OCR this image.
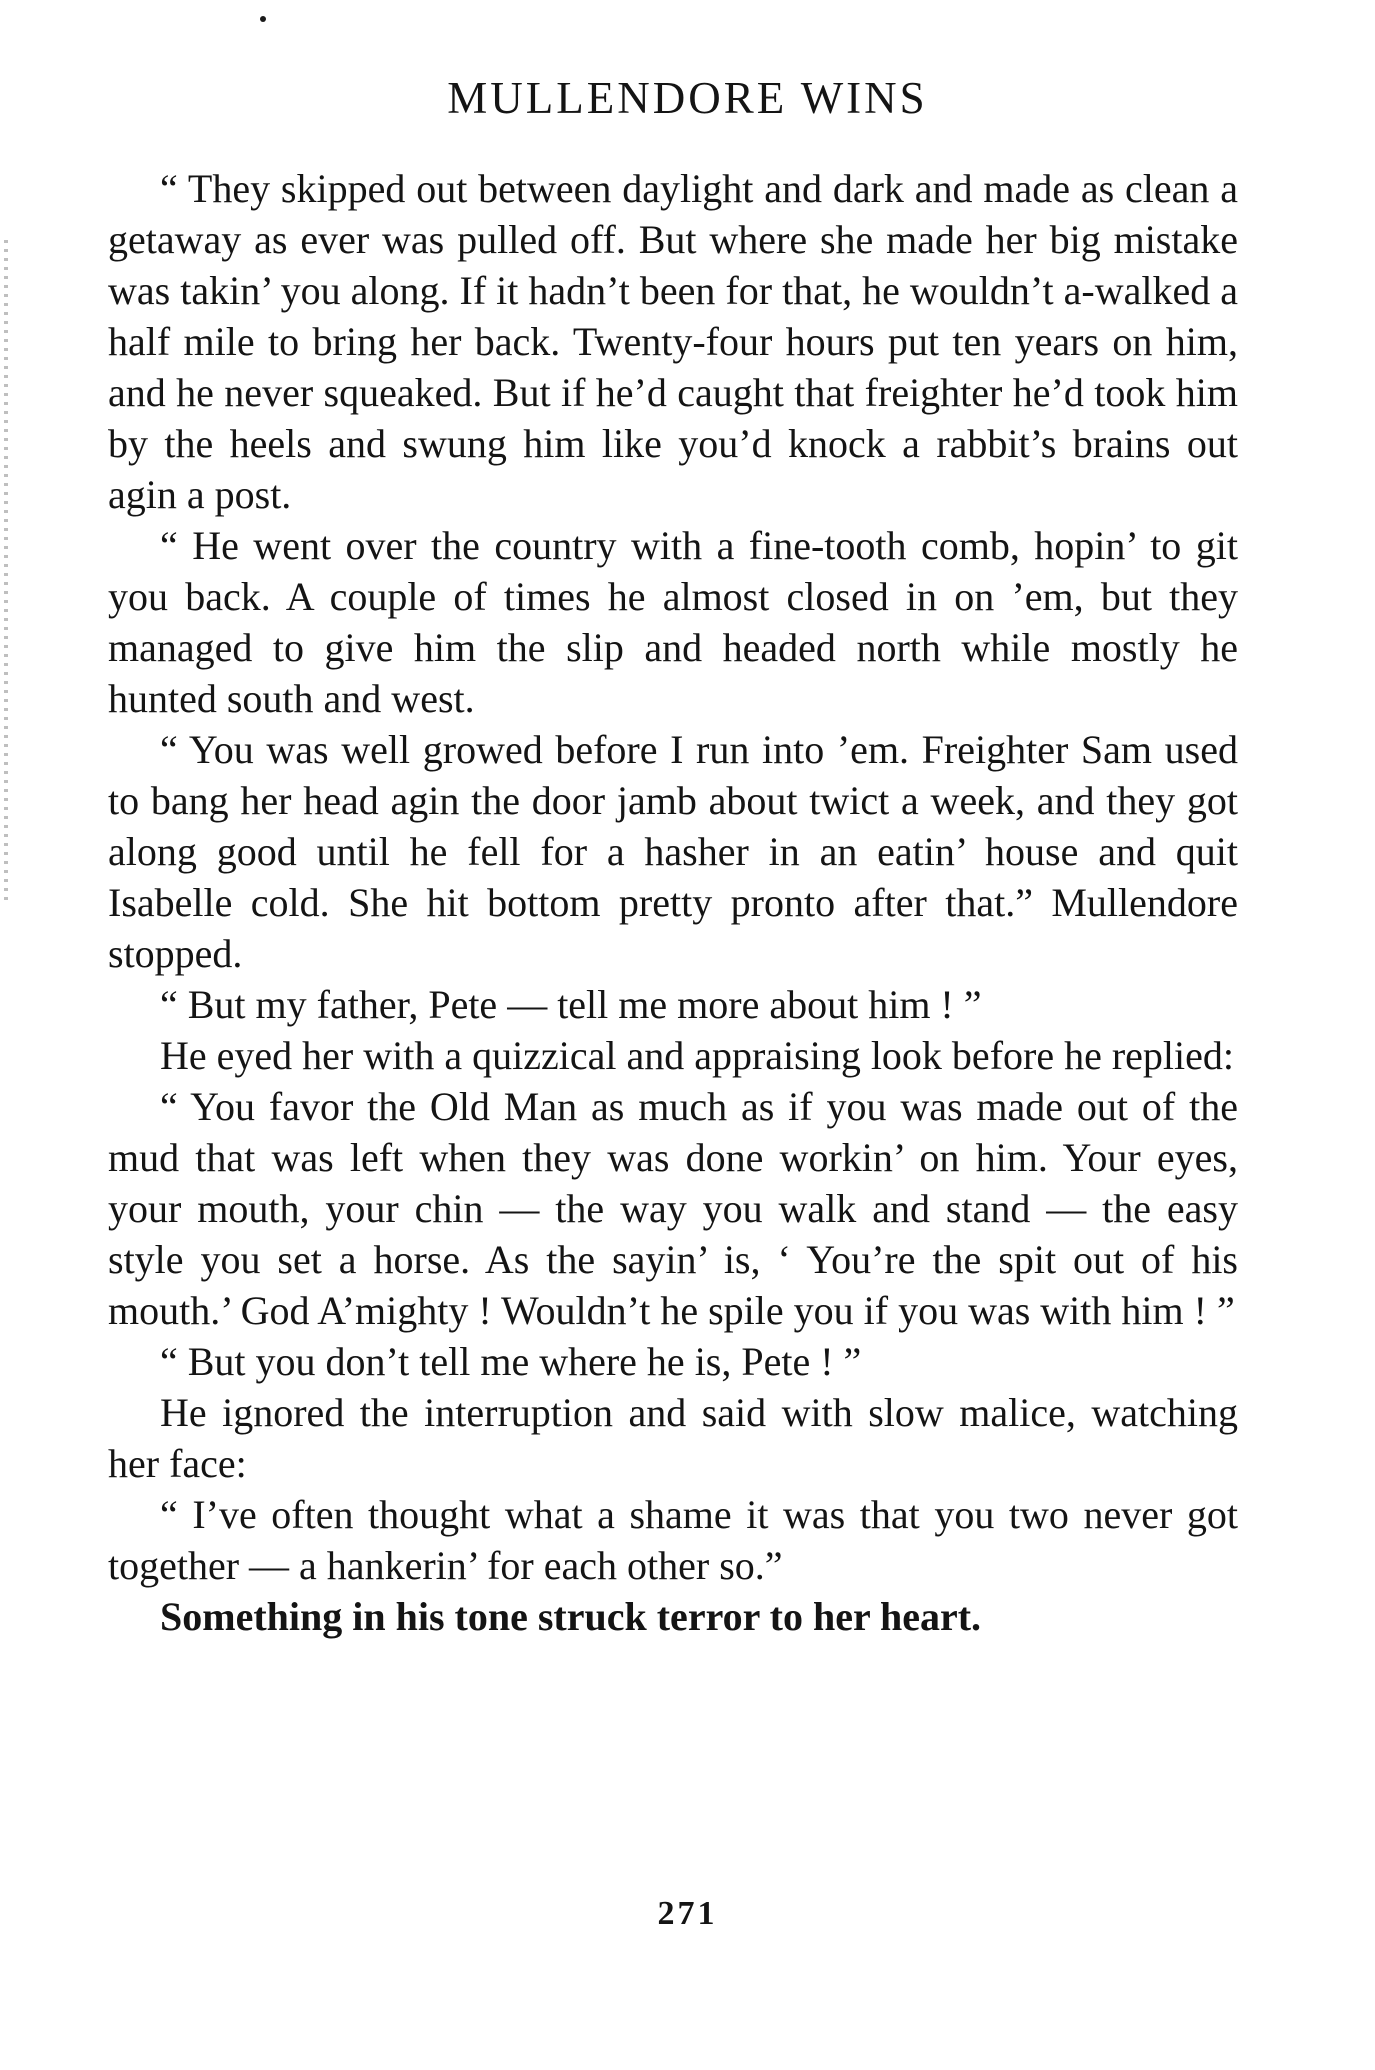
MULLENDORE WINS

“ They skipped out between daylight and dark and made as clean a getaway as ever was pulled off. But where she made her big mistake was takin’ you along. If it hadn’t been for that, he wouldn’t a-walked a half mile to bring her back. Twenty-four hours put ten years on him, and he never squeaked. But if he’d caught that freighter he’d took him by the heels and swung him like you’d knock a rabbit’s brains out agin a post.

“ He went over the country with a fine-tooth comb, hopin’ to git you back. A couple of times he almost closed in on ’em, but they managed to give him the slip and headed north while mostly he hunted south and west.

“ You was well growed before I run into ’em. Freighter Sam used to bang her head agin the door jamb about twict a week, and they got along good until he fell for a hasher in an eatin’ house and quit Isabelle cold. She hit bottom pretty pronto after that.” Mullendore stopped.

“ But my father, Pete — tell me more about him ! ”

He eyed her with a quizzical and appraising look before he replied:

“ You favor the Old Man as much as if you was made out of the mud that was left when they was done workin’ on him. Your eyes, your mouth, your chin — the way you walk and stand — the easy style you set a horse. As the sayin’ is, ‘ You’re the spit out of his mouth.’ God A’mighty ! Wouldn’t he spile you if you was with him ! ”

“ But you don’t tell me where he is, Pete ! ”

He ignored the interruption and said with slow malice, watching her face:

“ I’ve often thought what a shame it was that you two never got together — a hankerin’ for each other so.”

Something in his tone struck terror to her heart.

271
